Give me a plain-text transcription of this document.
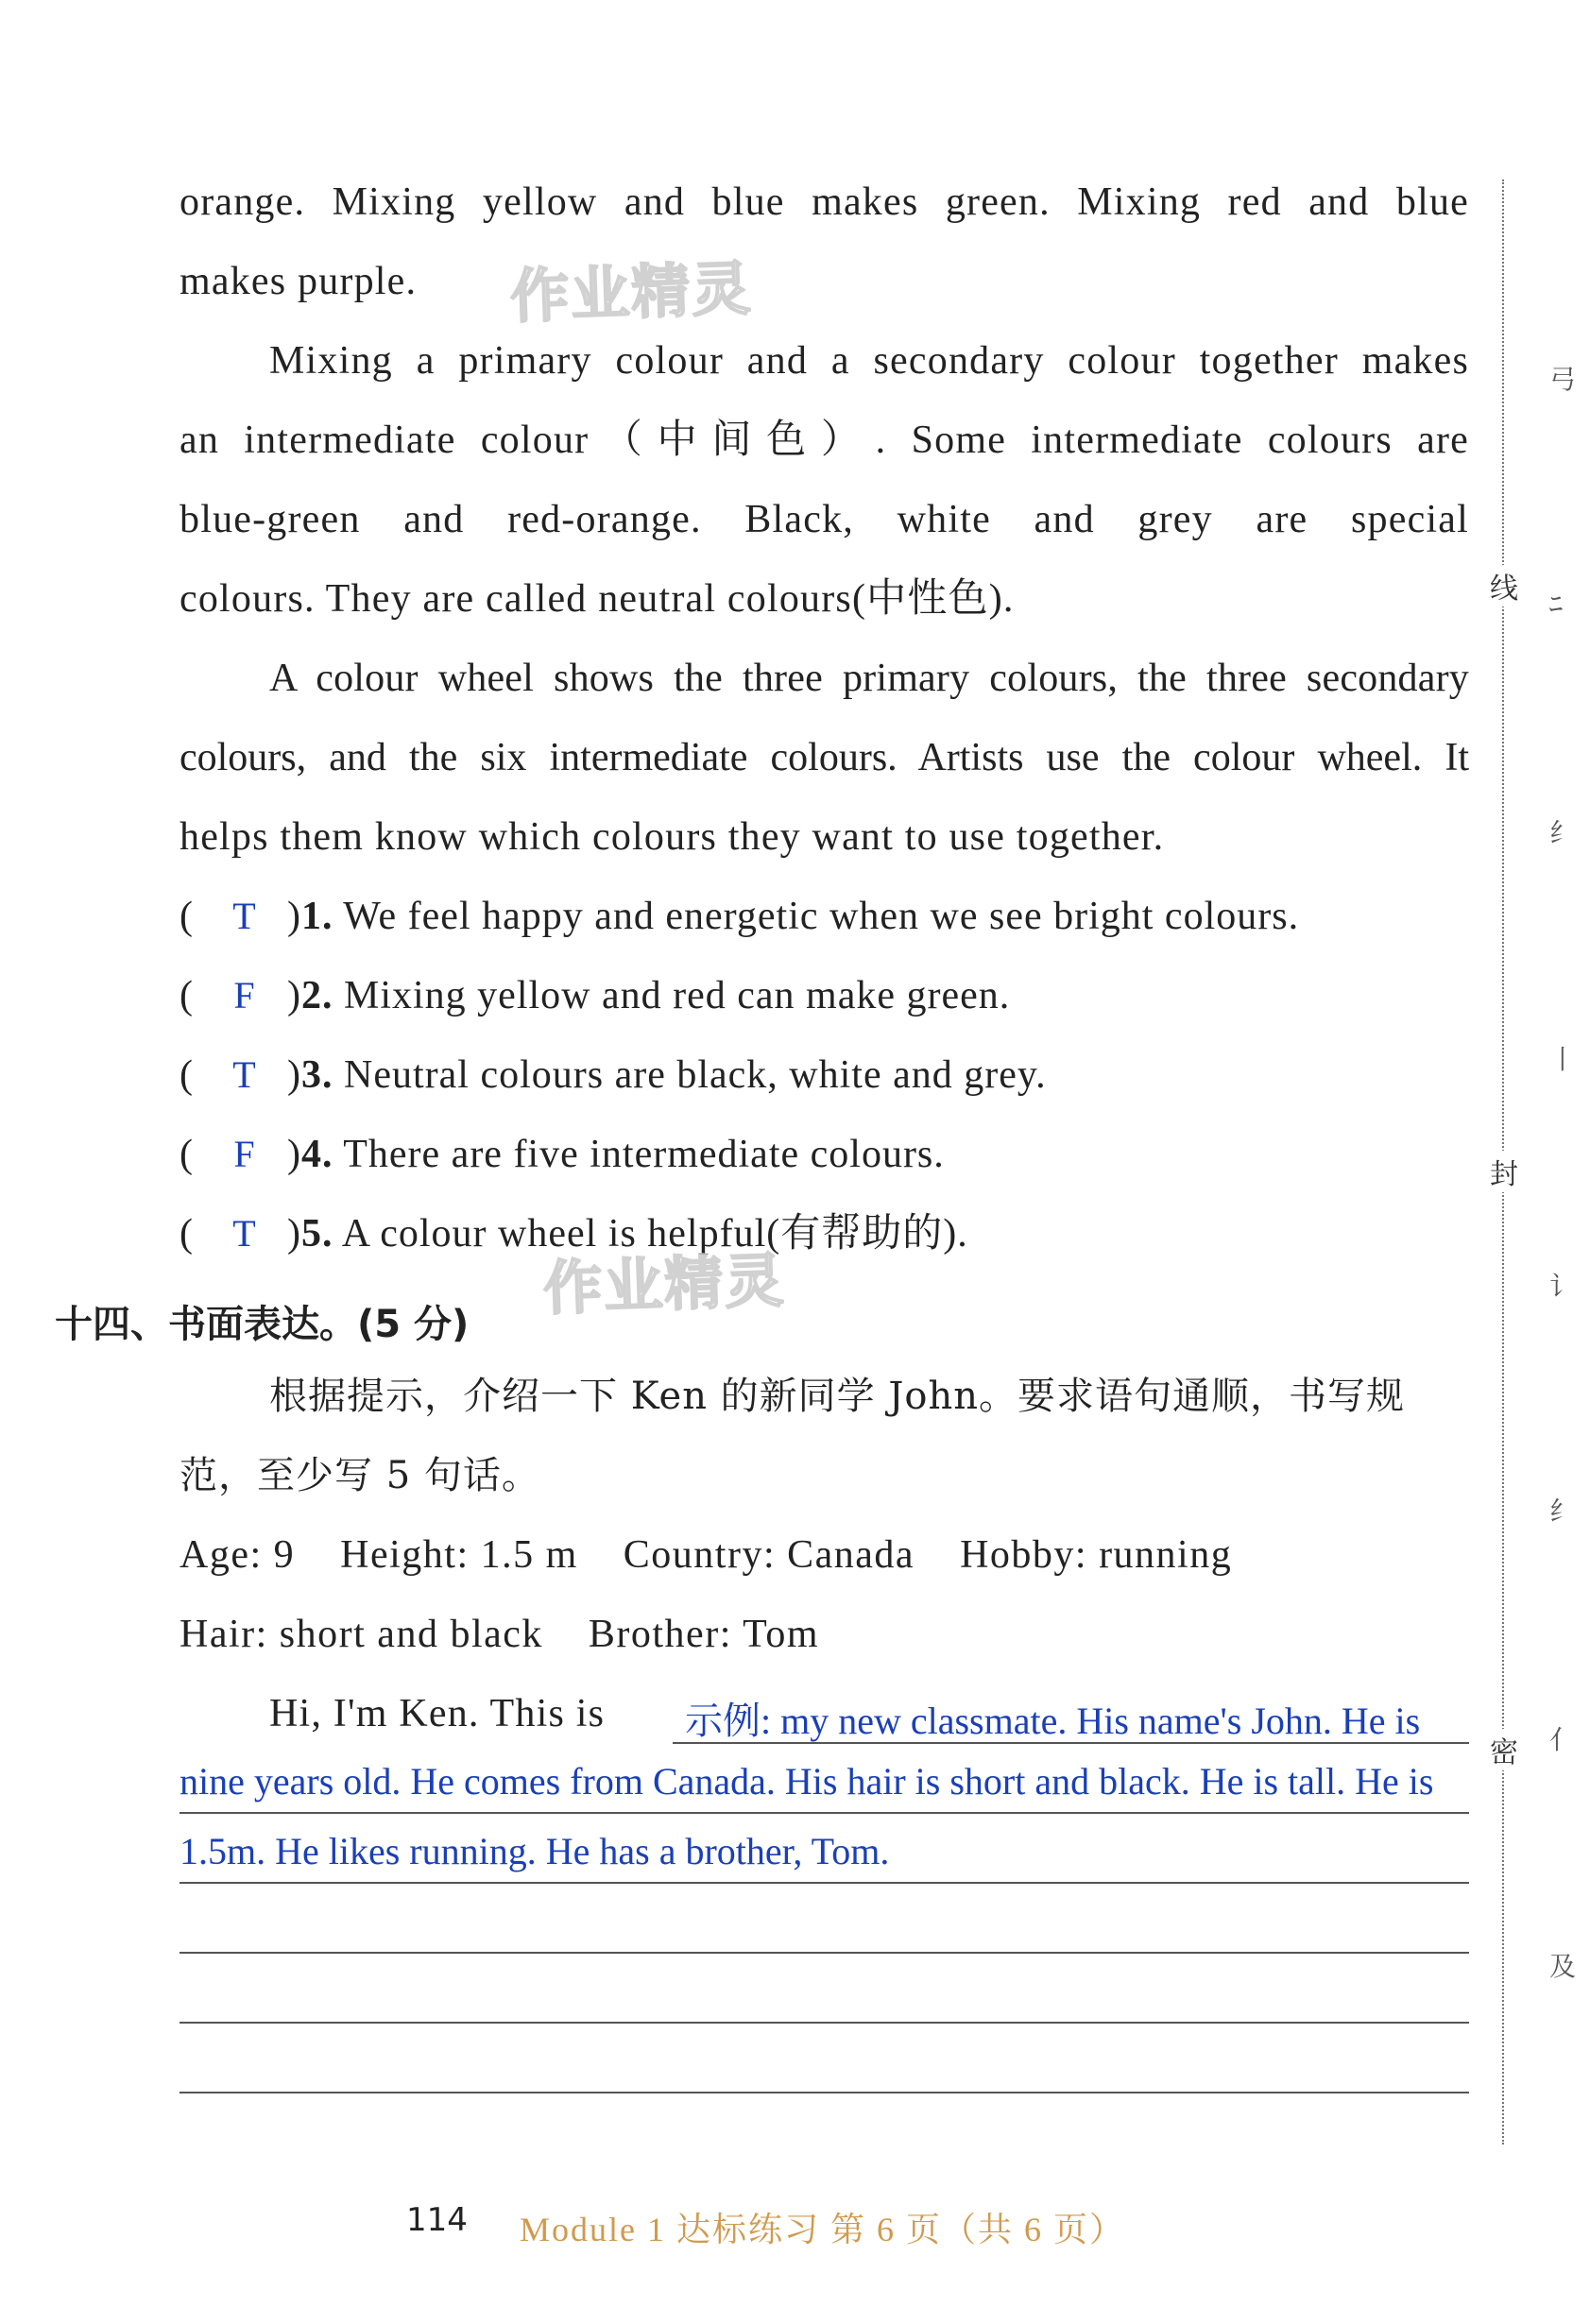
orange. Mixing yellow and blue makes green. Mixing red and blue
makes purple.
Mixing a primary colour and a secondary colour together makes
an intermediate colour（中间色）. Some intermediate colours are
blue-green and red-orange. Black, white and grey are special
colours. They are called neutral colours(中性色).
A colour wheel shows the three primary colours, the three secondary
colours, and the six intermediate colours. Artists use the colour wheel. It
helps them know which colours they want to use together.
( T )1. We feel happy and energetic when we see bright colours.
( F )2. Mixing yellow and red can make green.
( T )3. Neutral colours are black, white and grey.
( F )4. There are five intermediate colours.
( T )5. A colour wheel is helpful(有帮助的).
作业精灵
作业精灵
十四、书面表达。(5 分)
根据提示，介绍一下 Ken 的新同学 John。要求语句通顺，书写规
范，至少写 5 句话。
Age: 9    Height: 1.5 m    Country: Canada    Hobby: running
Hair: short and black    Brother: Tom
Hi, I'm Ken. This is	示例: my new classmate. His name's John. He is
nine years old. He comes from Canada. His hair is short and black. He is tall. He is
1.5m. He likes running. He has a brother, Tom.
线
封
密
弓
ﾆ
纟
丨
讠
纟
亻
及
114 Module 1 达标练习 第 6 页（共 6 页）
